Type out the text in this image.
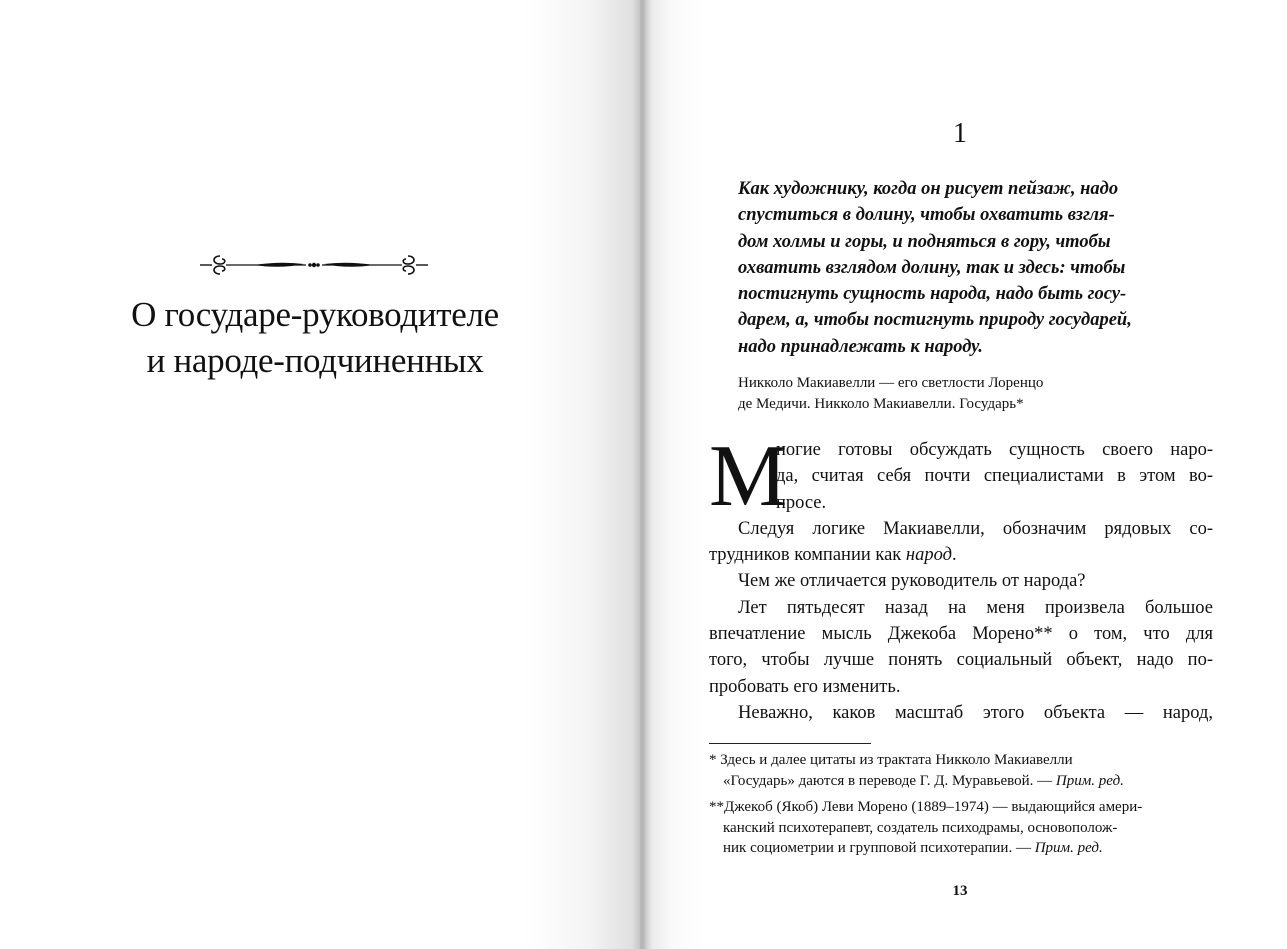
О государе-руководителе
и народе-подчиненных
1
Как художнику, когда он рисует пейзаж, надо
спуститься в долину, чтобы охватить взгля-
дом холмы и горы, и подняться в гору, чтобы
охватить взглядом долину, так и здесь: чтобы
постигнуть сущность народа, надо быть госу-
дарем, а, чтобы постигнуть природу государей,
надо принадлежать к народу.
Никколо Макиавелли — его светлости Лоренцо
де Медичи. Никколо Макиавелли. Государь*
М
ногие готовы обсуждать сущность своего наро-
да, считая себя почти специалистами в этом во-
просе.
Следуя логике Макиавелли, обозначим рядовых со-
трудников компании как народ.
Чем же отличается руководитель от народа?
Лет пятьдесят назад на меня произвела большое
впечатление мысль Джекоба Морено** о том, что для
того, чтобы лучше понять социальный объект, надо по-
пробовать его изменить.
Неважно, каков масштаб этого объекта — народ,
* Здесь и далее цитаты из трактата Никколо Макиавелли
«Государь» даются в переводе Г. Д. Муравьевой. — Прим. ред.
**Джекоб (Якоб) Леви Морено (1889–1974) — выдающийся амери-
канский психотерапевт, создатель психодрамы, основополож-
ник социометрии и групповой психотерапии. — Прим. ред.
13
